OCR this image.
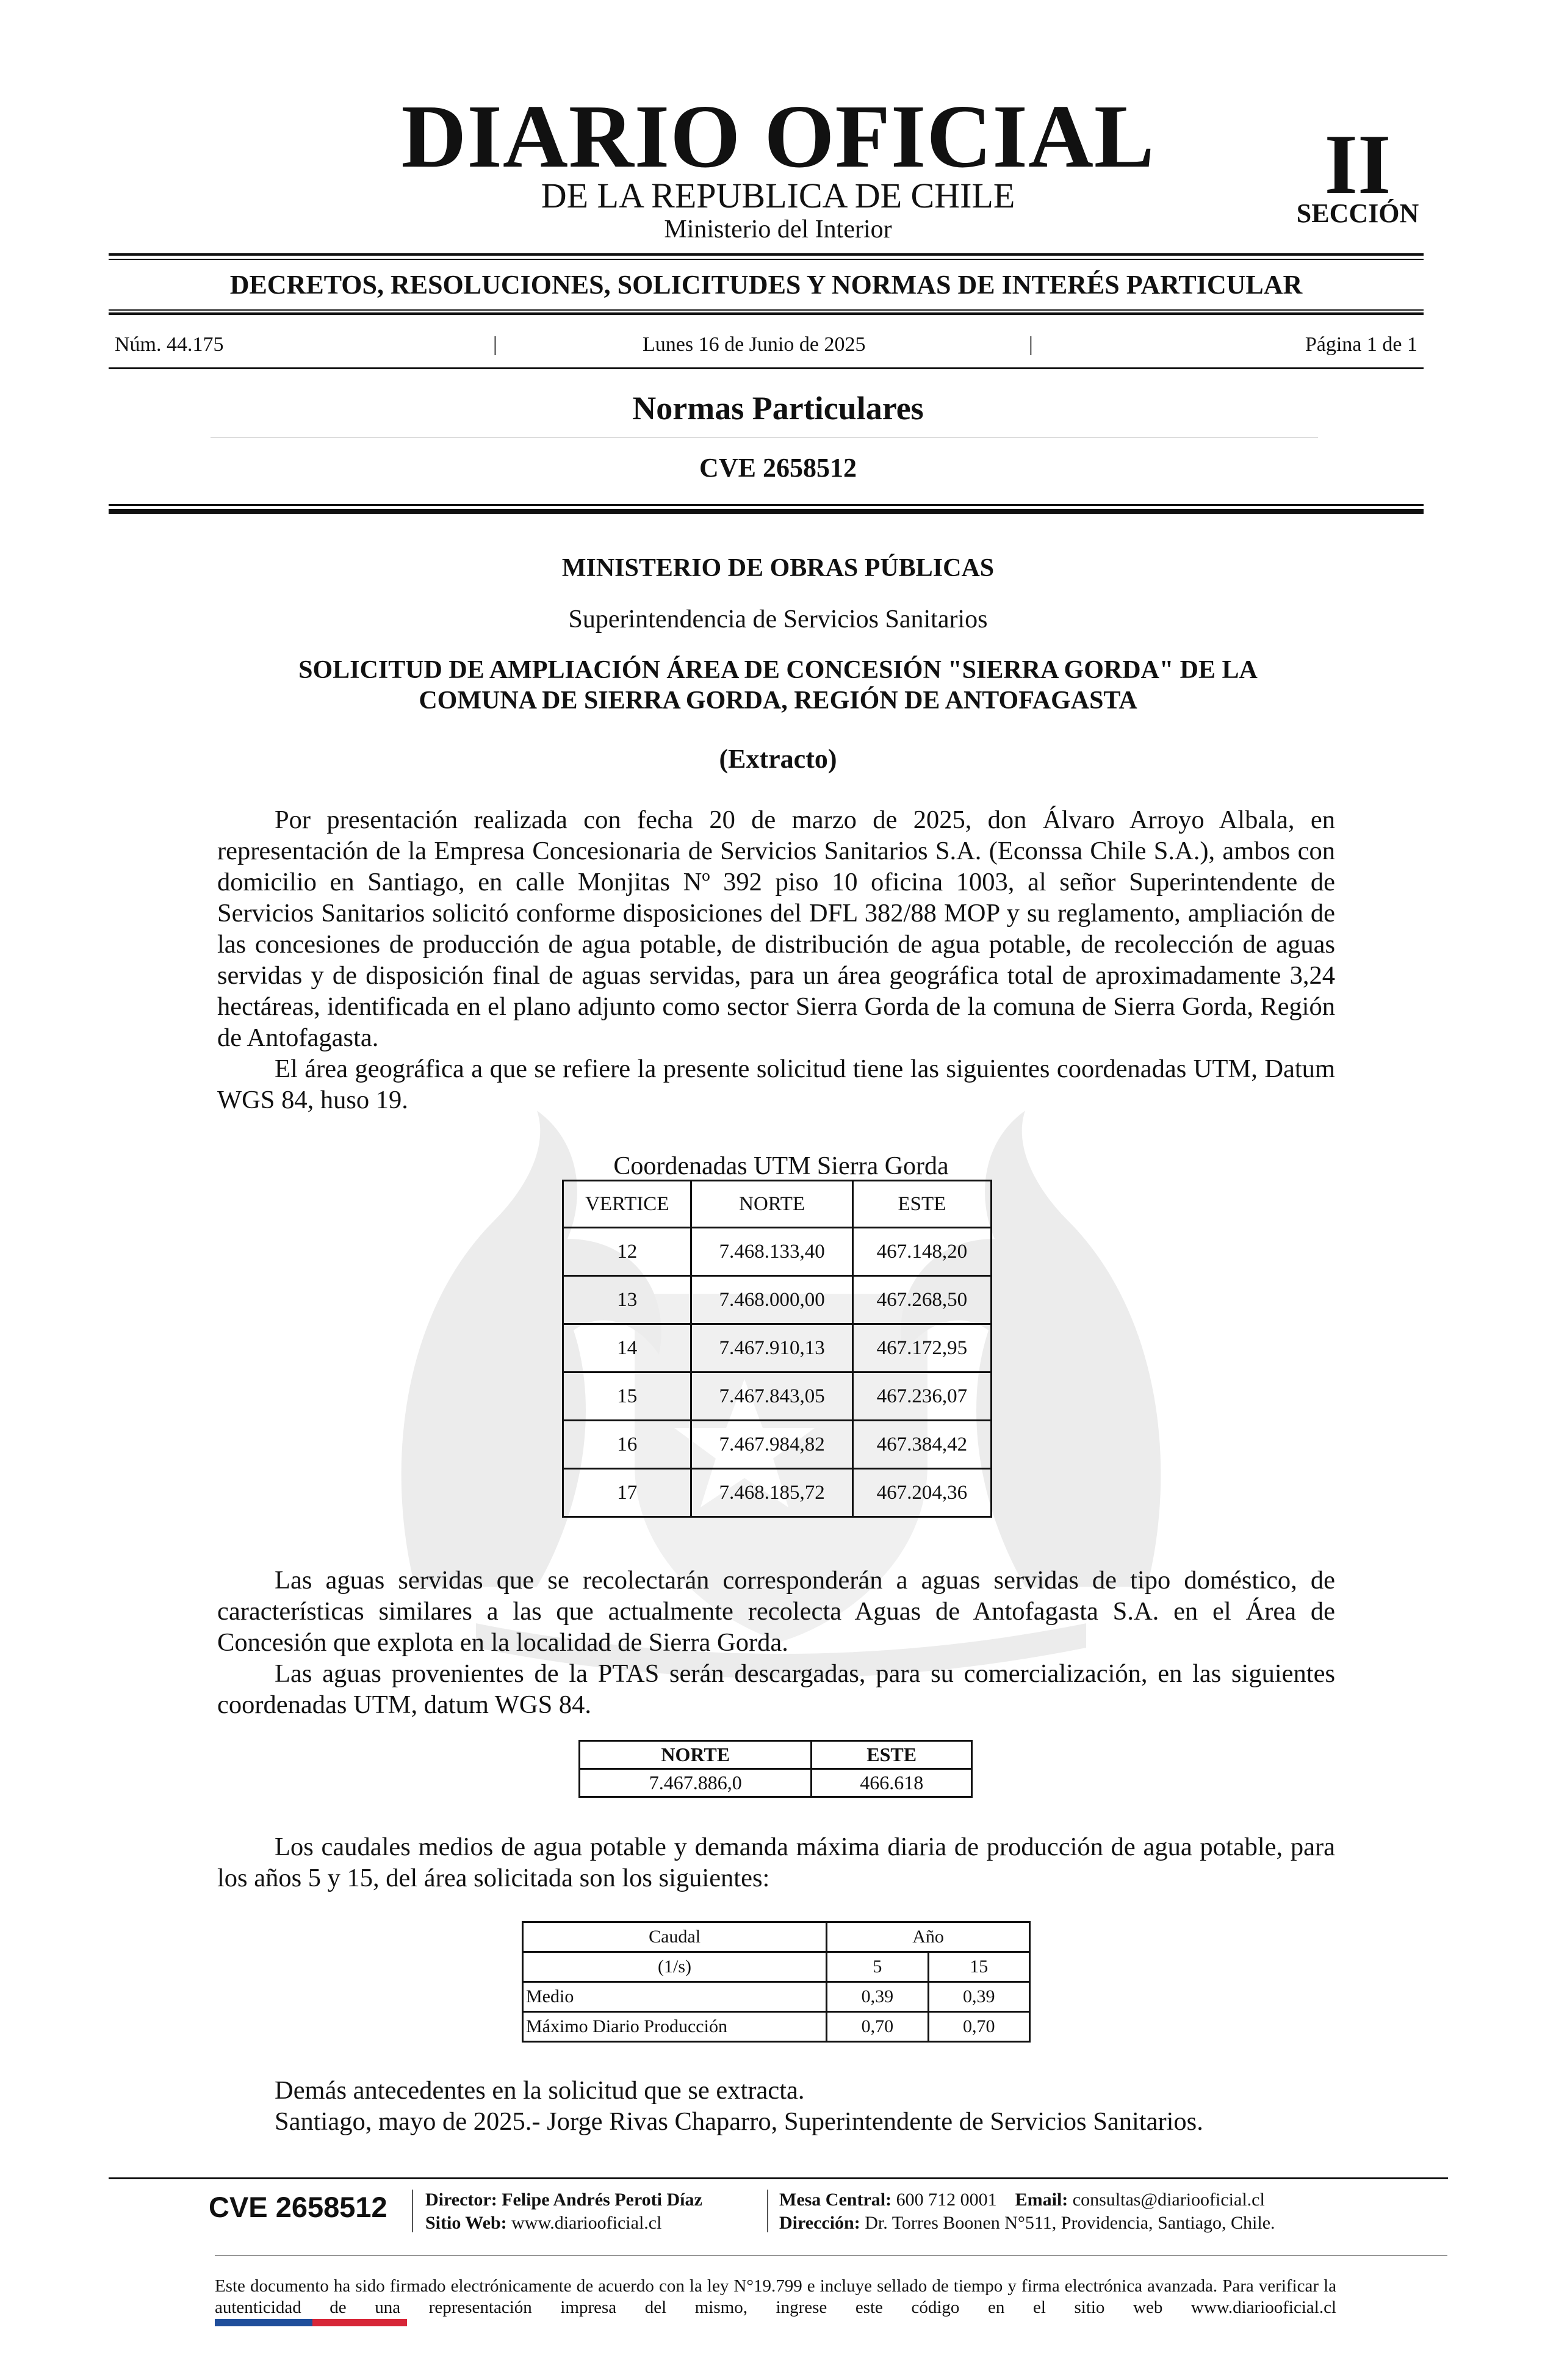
DIARIO OFICIAL
DE LA REPUBLICA DE CHILE
Ministerio del Interior
II
SECCIÓN
DECRETOS, RESOLUCIONES, SOLICITUDES Y NORMAS DE INTERÉS PARTICULAR
Núm. 44.175	|	Lunes 16 de Junio de 2025	|	Página 1 de 1
Normas Particulares
CVE 2658512
MINISTERIO DE OBRAS PÚBLICAS
Superintendencia de Servicios Sanitarios
SOLICITUD DE AMPLIACIÓN ÁREA DE CONCESIÓN "SIERRA GORDA" DE LA
COMUNA DE SIERRA GORDA, REGIÓN DE ANTOFAGASTA
(Extracto)

Por presentación realizada con fecha 20 de marzo de 2025, don Álvaro Arroyo Albala, en representación de la Empresa Concesionaria de Servicios Sanitarios S.A. (Econssa Chile S.A.), ambos con domicilio en Santiago, en calle Monjitas Nº 392 piso 10 oficina 1003, al señor Superintendente de Servicios Sanitarios solicitó conforme disposiciones del DFL 382/88 MOP y su reglamento, ampliación de las concesiones de producción de agua potable, de distribución de agua potable, de recolección de aguas servidas y de disposición final de aguas servidas, para un área geográfica total de aproximadamente 3,24 hectáreas, identificada en el plano adjunto como sector Sierra Gorda de la comuna de Sierra Gorda, Región de Antofagasta.

El área geográfica a que se refiere la presente solicitud tiene las siguientes coordenadas UTM, Datum WGS 84, huso 19.

Coordenadas UTM Sierra Gorda
VERTICE	NORTE	ESTE
12	7.468.133,40	467.148,20
13	7.468.000,00	467.268,50
14	7.467.910,13	467.172,95
15	7.467.843,05	467.236,07
16	7.467.984,82	467.384,42
17	7.468.185,72	467.204,36

Las aguas servidas que se recolectarán corresponderán a aguas servidas de tipo doméstico, de características similares a las que actualmente recolecta Aguas de Antofagasta S.A. en el Área de Concesión que explota en la localidad de Sierra Gorda.

Las aguas provenientes de la PTAS serán descargadas, para su comercialización, en las siguientes coordenadas UTM, datum WGS 84.

NORTE	ESTE
7.467.886,0	466.618

Los caudales medios de agua potable y demanda máxima diaria de producción de agua potable, para los años 5 y 15, del área solicitada son los siguientes:

Caudal	Año	
(1/s)	5	15
Medio	0,39	0,39
Máximo Diario Producción	0,70	0,70
Demás antecedentes en la solicitud que se extracta.
Santiago, mayo de 2025.- Jorge Rivas Chaparro, Superintendente de Servicios Sanitarios.
CVE 2658512	Director: Felipe Andrés Peroti Díaz
Sitio Web: www.diariooficial.cl
Mesa Central: 600 712 0001 Email: consultas@diariooficial.cl
Dirección: Dr. Torres Boonen N°511, Providencia, Santiago, Chile.
Este documento ha sido firmado electrónicamente de acuerdo con la ley N°19.799 e incluye sellado de tiempo y firma electrónica avanzada. Para verificar la autenticidad de una representación impresa del mismo, ingrese este código en el sitio web www.diariooficial.cl
